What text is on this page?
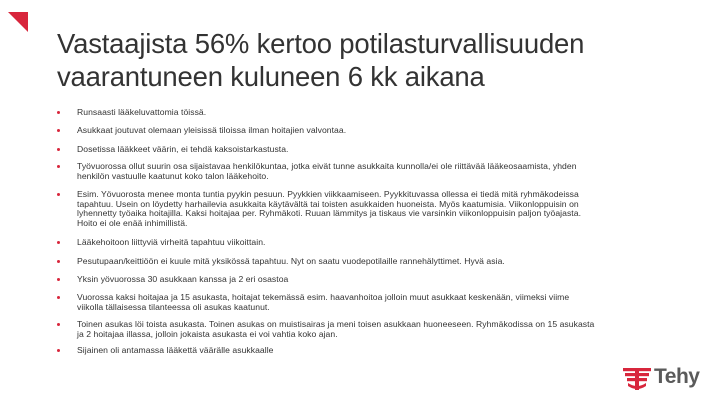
Vastaajista 56% kertoo potilasturvallisuuden
vaarantuneen kuluneen 6 kk aikana
Runsaasti lääkeluvattomia töissä.
Asukkaat joutuvat olemaan yleisissä tiloissa ilman hoitajien valvontaa.
Dosetissa lääkkeet väärin, ei tehdä kaksoistarkastusta.
Työvuorossa ollut suurin osa sijaistavaa henkilökuntaa, jotka eivät tunne asukkaita kunnolla/ei ole riittävää lääkeosaamista, yhden
henkilön vastuulle kaatunut koko talon lääkehoito.
Esim. Yövuorosta menee monta tuntia pyykin pesuun. Pyykkien viikkaamiseen. Pyykkituvassa ollessa ei tiedä mitä ryhmäkodeissa
tapahtuu. Usein on löydetty harhailevia asukkaita käytävältä tai toisten asukkaiden huoneista. Myös kaatumisia. Viikonloppuisin on
lyhennetty työaika hoitajilla. Kaksi hoitajaa per. Ryhmäkoti. Ruuan lämmitys ja tiskaus vie varsinkin viikonloppuisin paljon työajasta.
Hoito ei ole enää inhimillistä.
Lääkehoitoon liittyviä virheitä tapahtuu viikoittain.
Pesutupaan/keittiöön ei kuule mitä yksikössä tapahtuu. Nyt on saatu vuodepotilaille rannehälyttimet. Hyvä asia.
Yksin yövuorossa 30 asukkaan kanssa ja 2 eri osastoa
Vuorossa kaksi hoitajaa ja 15 asukasta, hoitajat tekemässä esim. haavanhoitoa jolloin muut asukkaat keskenään, viimeksi viime
viikolla tällaisessa tilanteessa oli asukas kaatunut.
Toinen asukas löi toista asukasta. Toinen asukas on muistisairas ja meni toisen asukkaan huoneeseen. Ryhmäkodissa on 15 asukasta
ja 2 hoitajaa illassa, jolloin jokaista asukasta ei voi vahtia koko ajan.
Sijainen oli antamassa lääkettä väärälle asukkaalle
Tehy
